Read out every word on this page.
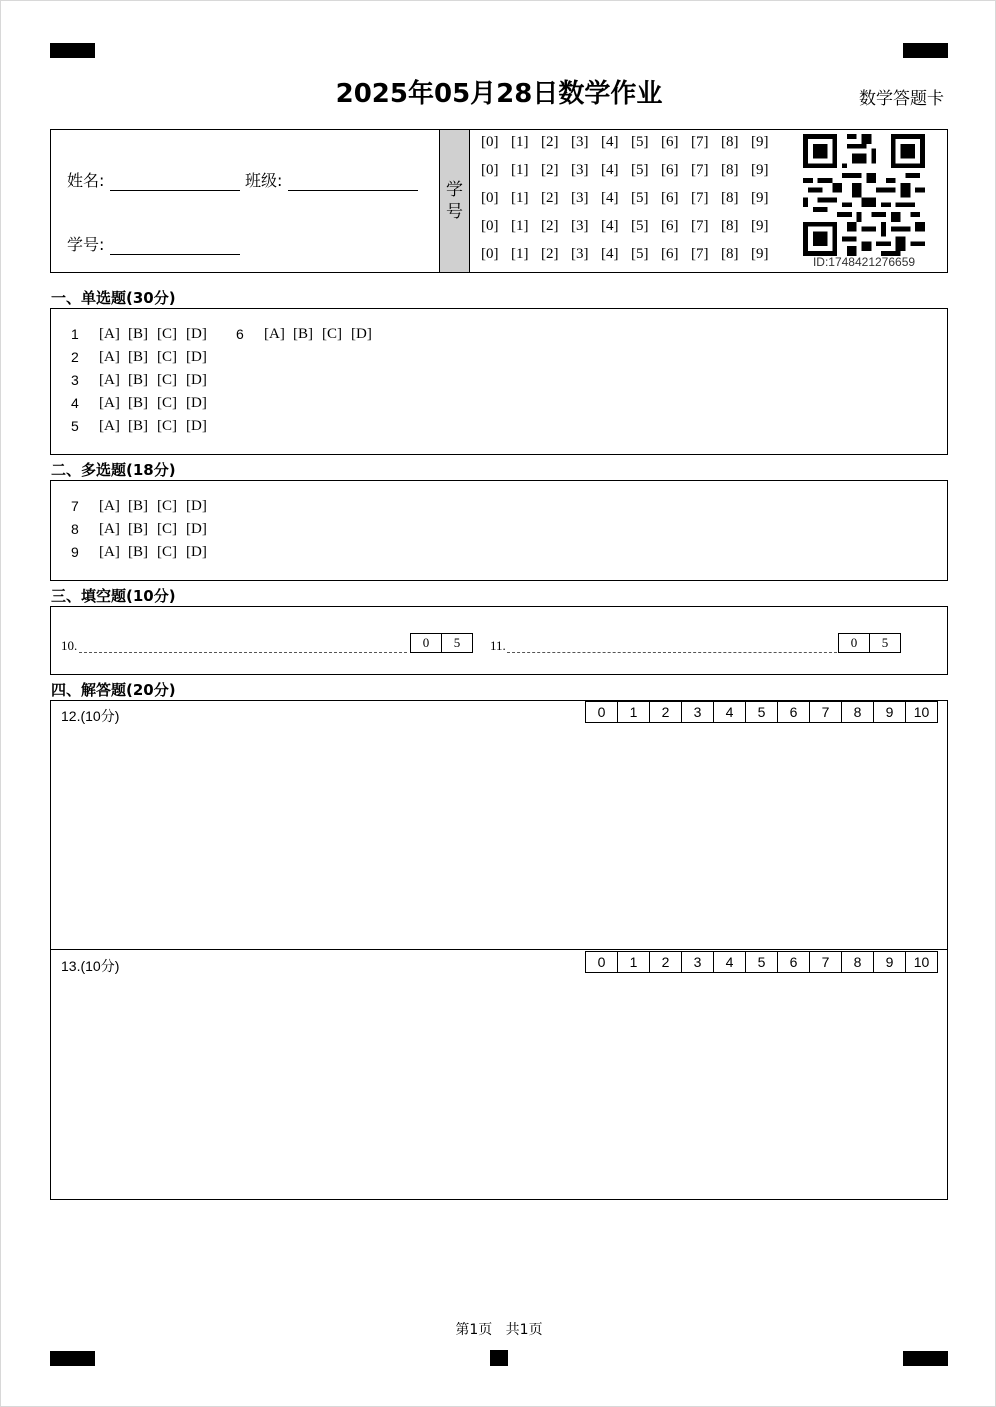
2025年05月28日数学作业	数学答题卡
姓名:	班级:
学号:
学
号
[0] [1] [2] [3] [4] [5] [6] [7] [8] [9]
[0] [1] [2] [3] [4] [5] [6] [7] [8] [9]
[0] [1] [2] [3] [4] [5] [6] [7] [8] [9]
[0] [1] [2] [3] [4] [5] [6] [7] [8] [9]
[0] [1] [2] [3] [4] [5] [6] [7] [8] [9]	ID:1748421276659
一、单选题(30分)
1	[A] [B] [C] [D]
2	[A] [B] [C] [D]
3	[A] [B] [C] [D]
4	[A] [B] [C] [D]
5	[A] [B] [C] [D]
6	[A] [B] [C] [D]
二、多选题(18分)
7	[A] [B] [C] [D]
8	[A] [B] [C] [D]
9	[A] [B] [C] [D]
三、填空题(10分)
10.	0	5	11.	0	5
四、解答题(20分)
12.(10分)	0	1	2	3	4	5	6	7	8	9	10
13.(10分)	0	1	2	3	4	5	6	7	8	9	10
第1页 共1页
